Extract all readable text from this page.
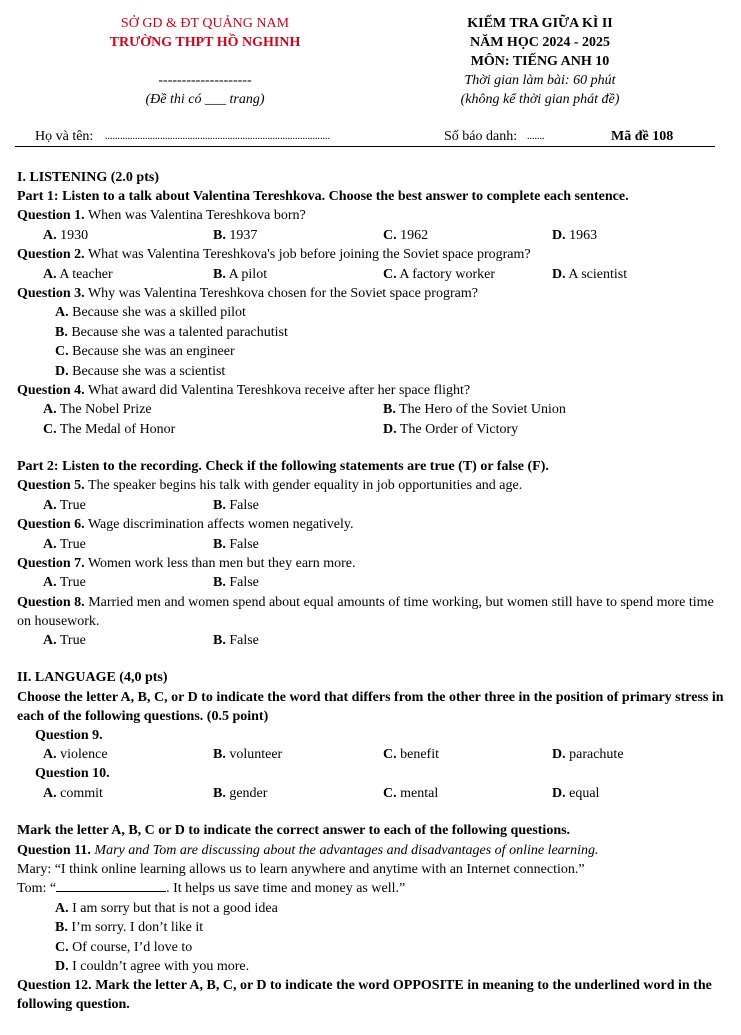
SỞ GD & ĐT QUẢNG NAM
TRƯỜNG THPT HỒ NGHINH
--------------------
(Đề thi có ___ trang)
KIỂM TRA GIỮA KÌ II
NĂM HỌC 2024 - 2025
MÔN: TIẾNG ANH 10
Thời gian làm bài: 60 phút
(không kể thời gian phát đề)
Họ và tên: ..........................................................................................	Số báo danh: .......	Mã đề 108
I. LISTENING (2.0 pts)
Part 1: Listen to a talk about Valentina Tereshkova. Choose the best answer to complete each sentence.
Question 1. When was Valentina Tereshkova born?
A. 1930	B. 1937	C. 1962	D. 1963
Question 2. What was Valentina Tereshkova's job before joining the Soviet space program?
A. A teacher	B. A pilot	C. A factory worker	D. A scientist
Question 3. Why was Valentina Tereshkova chosen for the Soviet space program?
A. Because she was a skilled pilot
B. Because she was a talented parachutist
C. Because she was an engineer
D. Because she was a scientist
Question 4. What award did Valentina Tereshkova receive after her space flight?
A. The Nobel Prize	B. The Hero of the Soviet Union
C. The Medal of Honor	D. The Order of Victory
Part 2: Listen to the recording. Check if the following statements are true (T) or false (F).
Question 5. The speaker begins his talk with gender equality in job opportunities and age.
A. True	B. False
Question 6. Wage discrimination affects women negatively.
A. True	B. False
Question 7. Women work less than men but they earn more.
A. True	B. False
Question 8. Married men and women spend about equal amounts of time working, but women still have to spend more time on housework.
A. True	B. False
II. LANGUAGE (4,0 pts)
Choose the letter A, B, C, or D to indicate the word that differs from the other three in the position of primary stress in each of the following questions. (0.5 point)
Question 9.
A. violence	B. volunteer	C. benefit	D. parachute
Question 10.
A. commit	B. gender	C. mental	D. equal
Mark the letter A, B, C or D to indicate the correct answer to each of the following questions.
Question 11. Mary and Tom are discussing about the advantages and disadvantages of online learning.
Mary: “I think online learning allows us to learn anywhere and anytime with an Internet connection.”
Tom: “	. It helps us save time and money as well.”
A. I am sorry but that is not a good idea
B. I’m sorry. I don’t like it
C. Of course, I’d love to
D. I couldn’t agree with you more.
Question 12. Mark the letter A, B, C, or D to indicate the word OPPOSITE in meaning to the underlined word in the following question.
